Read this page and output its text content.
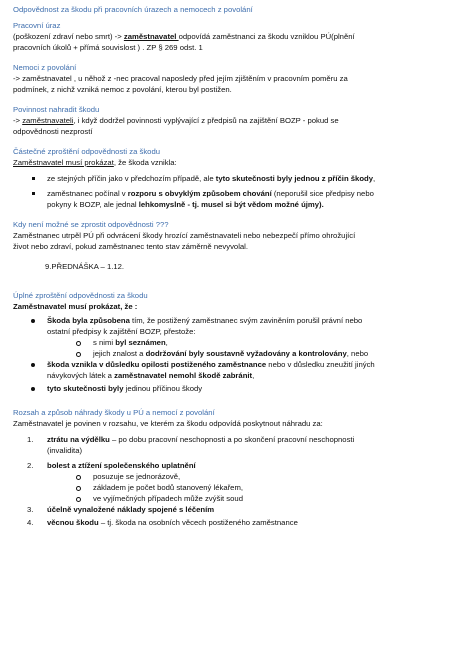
Odpovědnost za škodu při pracovních úrazech a nemocech z povolání

Pracovní úraz

(poškození zdraví nebo smrt) -> zaměstnavatel odpovídá zaměstnanci za škodu vzniklou PÚ(plnění

pracovních úkolů + přímá souvislost ) . ZP § 269 odst. 1

Nemoci z povolání

-> zaměstnavatel , u něhož z -nec pracoval naposledy před jejím zjištěním v pracovním poměru za

podmínek, z nichž vzniká nemoc z povolání, kterou byl postižen.

Povinnost nahradit škodu

-> zaměstnavateli, i když dodržel povinnosti vyplývající z předpisů na zajištění BOZP - pokud se

odpovědnosti nezprostí

Částečné zproštění odpovědnosti za škodu

Zaměstnavatel musí prokázat, že škoda vznikla:

ze stejných příčin jako v předchozím případě, ale tyto skutečnosti byly jednou z příčin škody,
zaměstnanec počínal v rozporu s obvyklým způsobem chování (neporušil sice předpisy nebo
pokyny k BOZP, ale jednal lehkomyslně - tj. musel si být vědom možné újmy).

Kdy není možné se zprostit odpovědnosti ???

Zaměstnanec utrpěl PÚ při odvrácení škody hrozící zaměstnavateli nebo nebezpečí přímo ohrožující

život nebo zdraví, pokud zaměstnanec tento stav záměrně nevyvolal.

9.PŘEDNÁŠKA – 1.12.

Úplné zproštění odpovědnosti za škodu

Zaměstnavatel musí prokázat, že :

Škoda byla způsobena tím, že postižený zaměstnanec svým zaviněním porušil právní nebo
ostatní předpisy k zajištění BOZP, přestože:
s nimi byl seznámen,
jejich znalost a dodržování byly soustavně vyžadovány a kontrolovány, nebo
škoda vznikla v důsledku opilosti postiženého zaměstnance nebo v důsledku zneužití jiných
návykových látek a zaměstnavatel nemohl škodě zabránit,
tyto skutečnosti byly jedinou příčinou škody

Rozsah a způsob náhrady škody u PÚ a nemocí z povolání

Zaměstnavatel je povinen v rozsahu, ve kterém za škodu odpovídá poskytnout náhradu za:

1. ztrátu na výdělku – po dobu pracovní neschopnosti a po skončení pracovní neschopnosti
(invalidita)
2. bolest a ztížení společenského uplatnění
posuzuje se jednorázově,
základem je počet bodů stanovený lékařem,
ve vyjímečných případech může zvýšit soud
3. účelně vynaložené náklady spojené s léčením
4. věcnou škodu – tj. škoda na osobních věcech postiženého zaměstnance
